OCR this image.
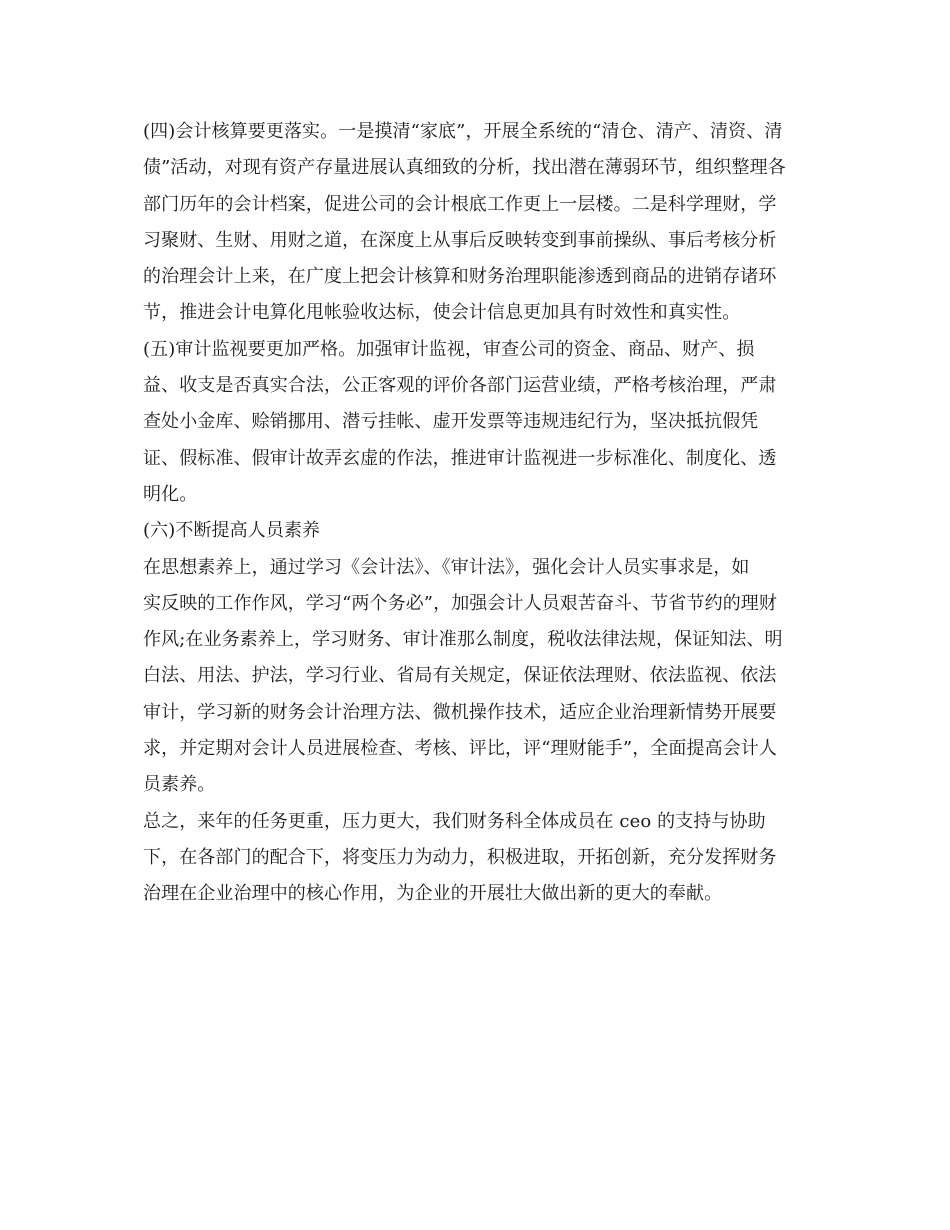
(四)会计核算要更落实。一是摸清“家底”，开展全系统的“清仓、清产、清资、清
债”活动，对现有资产存量进展认真细致的分析，找出潜在薄弱环节，组织整理各
部门历年的会计档案，促进公司的会计根底工作更上一层楼。二是科学理财，学
习聚财、生财、用财之道，在深度上从事后反映转变到事前操纵、事后考核分析
的治理会计上来，在广度上把会计核算和财务治理职能渗透到商品的进销存诸环
节，推进会计电算化甩帐验收达标，使会计信息更加具有时效性和真实性。
(五)审计监视要更加严格。加强审计监视，审查公司的资金、商品、财产、损
益、收支是否真实合法，公正客观的评价各部门运营业绩，严格考核治理，严肃
查处小金库、赊销挪用、潜亏挂帐、虚开发票等违规违纪行为，坚决抵抗假凭
证、假标准、假审计故弄玄虚的作法，推进审计监视进一步标准化、制度化、透
明化。
(六)不断提高人员素养
在思想素养上，通过学习《会计法》、《审计法》，强化会计人员实事求是，如
实反映的工作作风，学习“两个务必”，加强会计人员艰苦奋斗、节省节约的理财
作风;在业务素养上，学习财务、审计准那么制度，税收法律法规，保证知法、明
白法、用法、护法，学习行业、省局有关规定，保证依法理财、依法监视、依法
审计，学习新的财务会计治理方法、微机操作技术，适应企业治理新情势开展要
求，并定期对会计人员进展检查、考核、评比，评“理财能手”，全面提高会计人
员素养。
总之，来年的任务更重，压力更大，我们财务科全体成员在 ceo 的支持与协助
下，在各部门的配合下，将变压力为动力，积极进取，开拓创新，充分发挥财务
治理在企业治理中的核心作用，为企业的开展壮大做出新的更大的奉献。
